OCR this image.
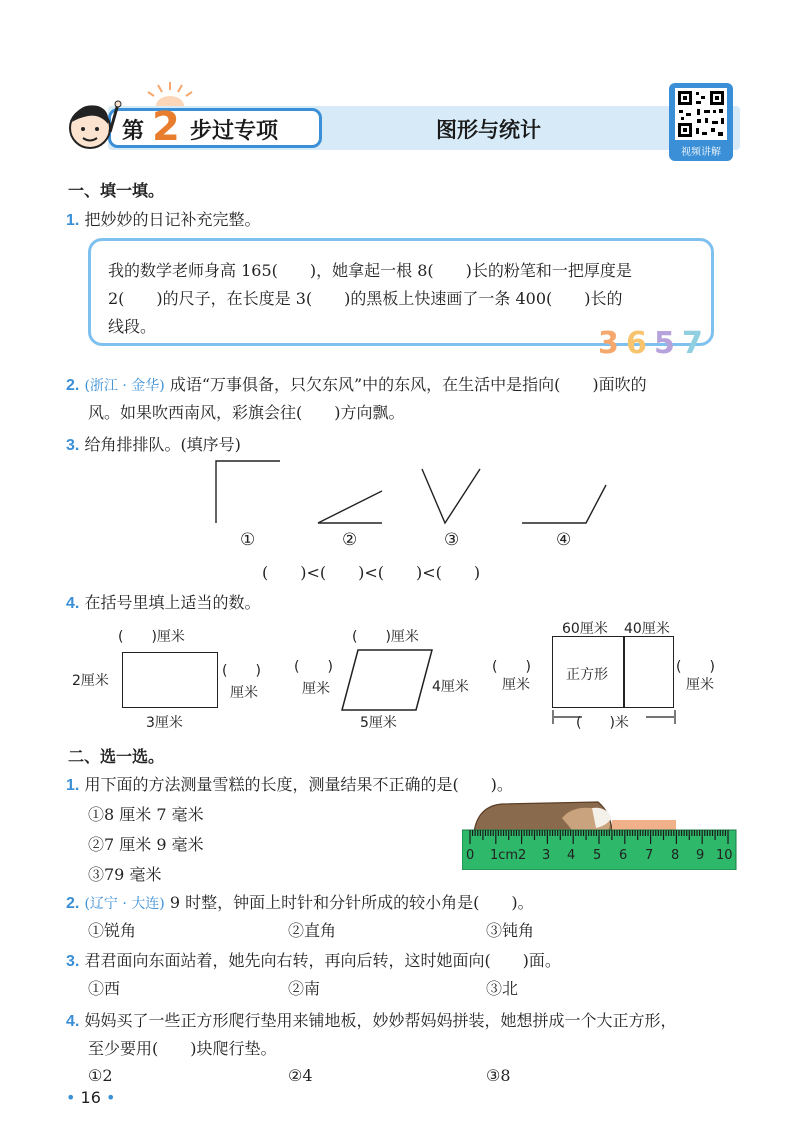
第 2 步过专项	图形与统计
视频讲解
一、填一填。
1. 把妙妙的日记补充完整。
我的数学老师身高 165(　　)，她拿起一根 8(　　)长的粉笔和一把厚度是
2(　　)的尺子，在长度是 3(　　)的黑板上快速画了一条 400(　　)长的
线段。	3 6 5 7
2. (浙江 · 金华) 成语“万事俱备，只欠东风”中的东风，在生活中是指向(　　)面吹的
风。如果吹西南风，彩旗会往(　　)方向飘。
3. 给角排排队。(填序号)
①	②	③	④
(　　)<(　　)<(　　)<(　　)
4. 在括号里填上适当的数。
(　　)厘米
2厘米
(　　)
厘米
3厘米
(　　)厘米
(　　)
厘米	4厘米
5厘米
60厘米 40厘米
正方形
(　　)
厘米
(　　)
厘米
(　　)米
二、选一选。
1. 用下面的方法测量雪糕的长度，测量结果不正确的是(　　)。
①8 厘米 7 毫米
②7 厘米 9 毫米
③79 毫米
0 1cm 2 3 4 5 6 7 8 9 10
2. (辽宁 · 大连) 9 时整，钟面上时针和分针所成的较小角是(　　)。
①锐角	②直角	③钝角
3. 君君面向东面站着，她先向右转，再向后转，这时她面向(　　)面。
①西	②南	③北
4. 妈妈买了一些正方形爬行垫用来铺地板，妙妙帮妈妈拼装，她想拼成一个大正方形，
至少要用(　　)块爬行垫。
①2	②4	③8
• 16 •
